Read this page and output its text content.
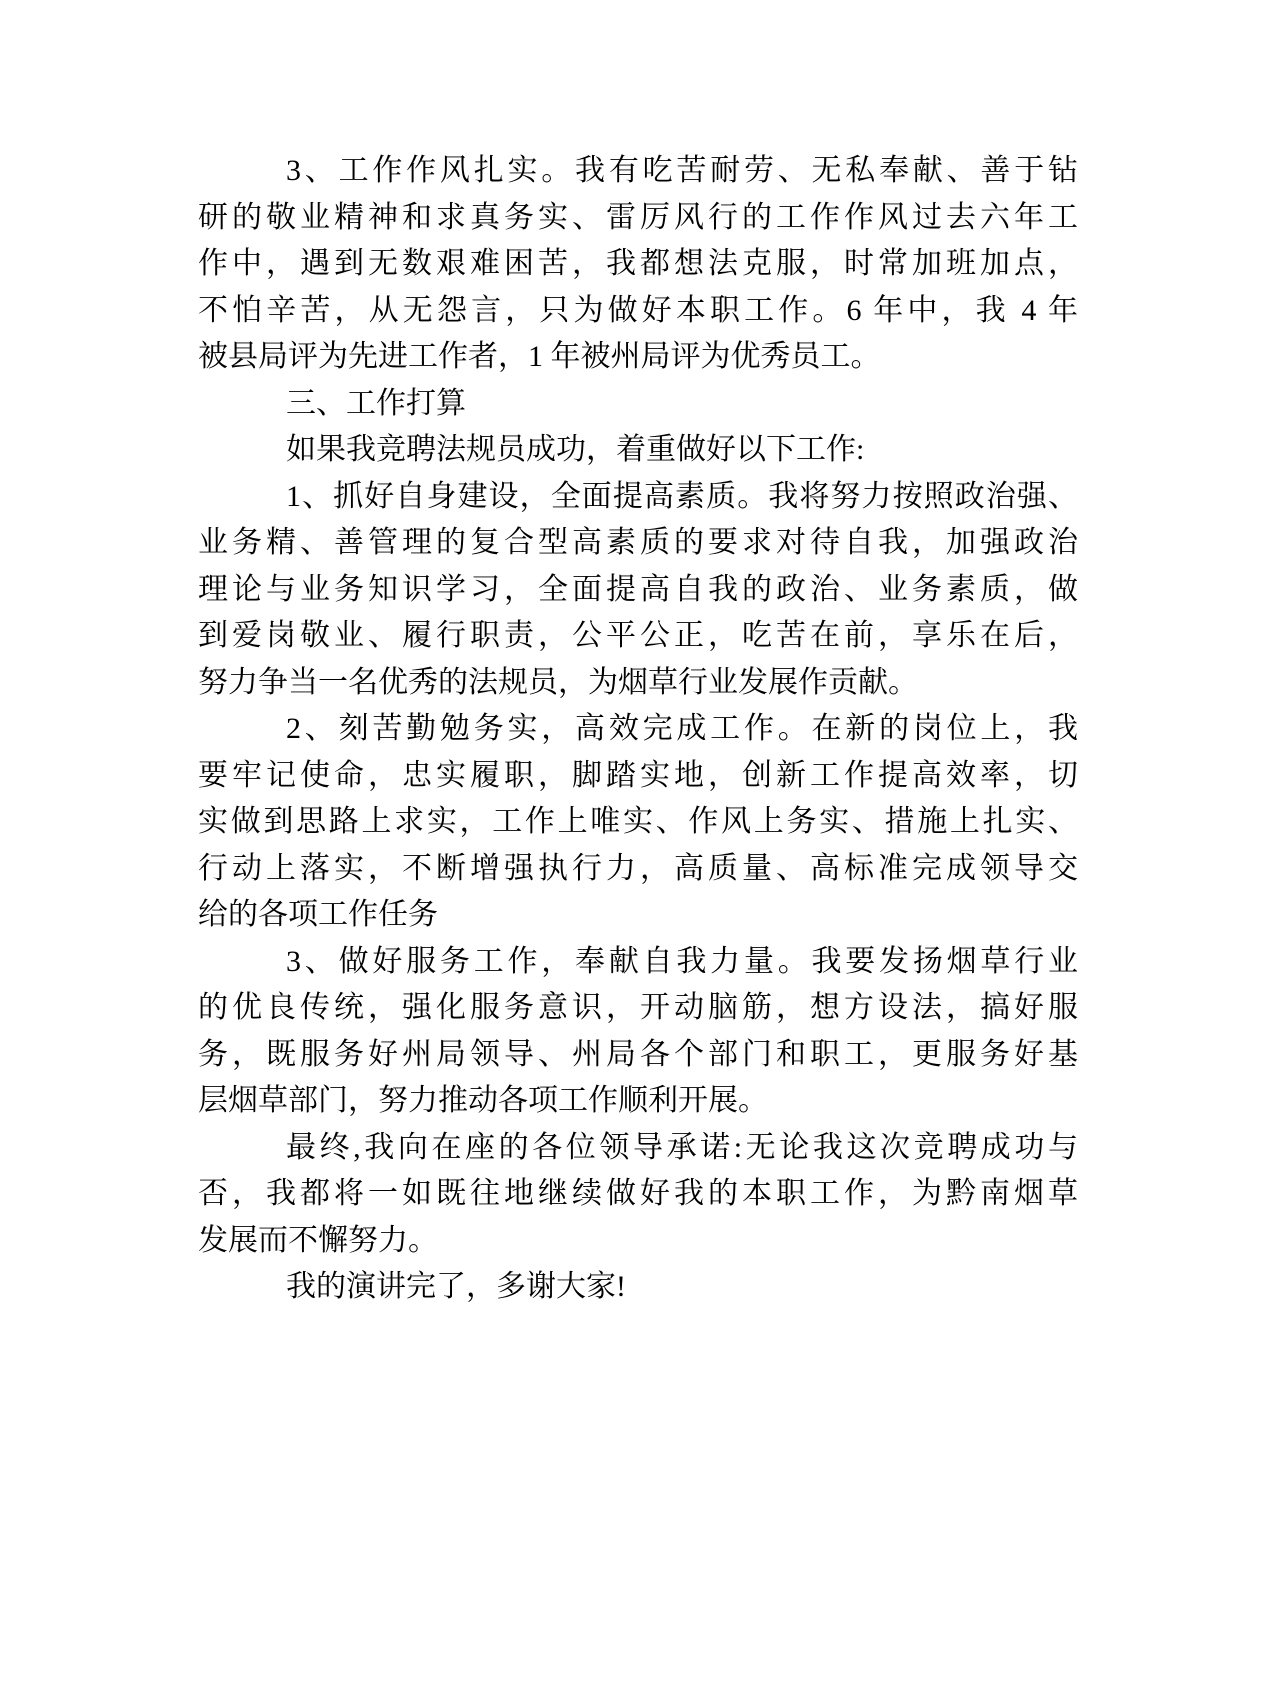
3、工作作风扎实。我有吃苦耐劳、无私奉献、善于钻
研的敬业精神和求真务实、雷厉风行的工作作风过去六年工
作中，遇到无数艰难困苦，我都想法克服，时常加班加点，
不怕辛苦，从无怨言，只为做好本职工作。6 年中，我 4 年
被县局评为先进工作者，1 年被州局评为优秀员工。
三、工作打算
如果我竞聘法规员成功，着重做好以下工作:
1、抓好自身建设，全面提高素质。我将努力按照政治强、
业务精、善管理的复合型高素质的要求对待自我，加强政治
理论与业务知识学习，全面提高自我的政治、业务素质，做
到爱岗敬业、履行职责，公平公正，吃苦在前，享乐在后，
努力争当一名优秀的法规员，为烟草行业发展作贡献。
2、刻苦勤勉务实，高效完成工作。在新的岗位上，我
要牢记使命，忠实履职，脚踏实地，创新工作提高效率，切
实做到思路上求实，工作上唯实、作风上务实、措施上扎实、
行动上落实，不断增强执行力，高质量、高标准完成领导交
给的各项工作任务
3、做好服务工作，奉献自我力量。我要发扬烟草行业
的优良传统，强化服务意识，开动脑筋，想方设法，搞好服
务，既服务好州局领导、州局各个部门和职工，更服务好基
层烟草部门，努力推动各项工作顺利开展。
最终,我向在座的各位领导承诺:无论我这次竞聘成功与
否，我都将一如既往地继续做好我的本职工作，为黔南烟草
发展而不懈努力。
我的演讲完了，多谢大家!
